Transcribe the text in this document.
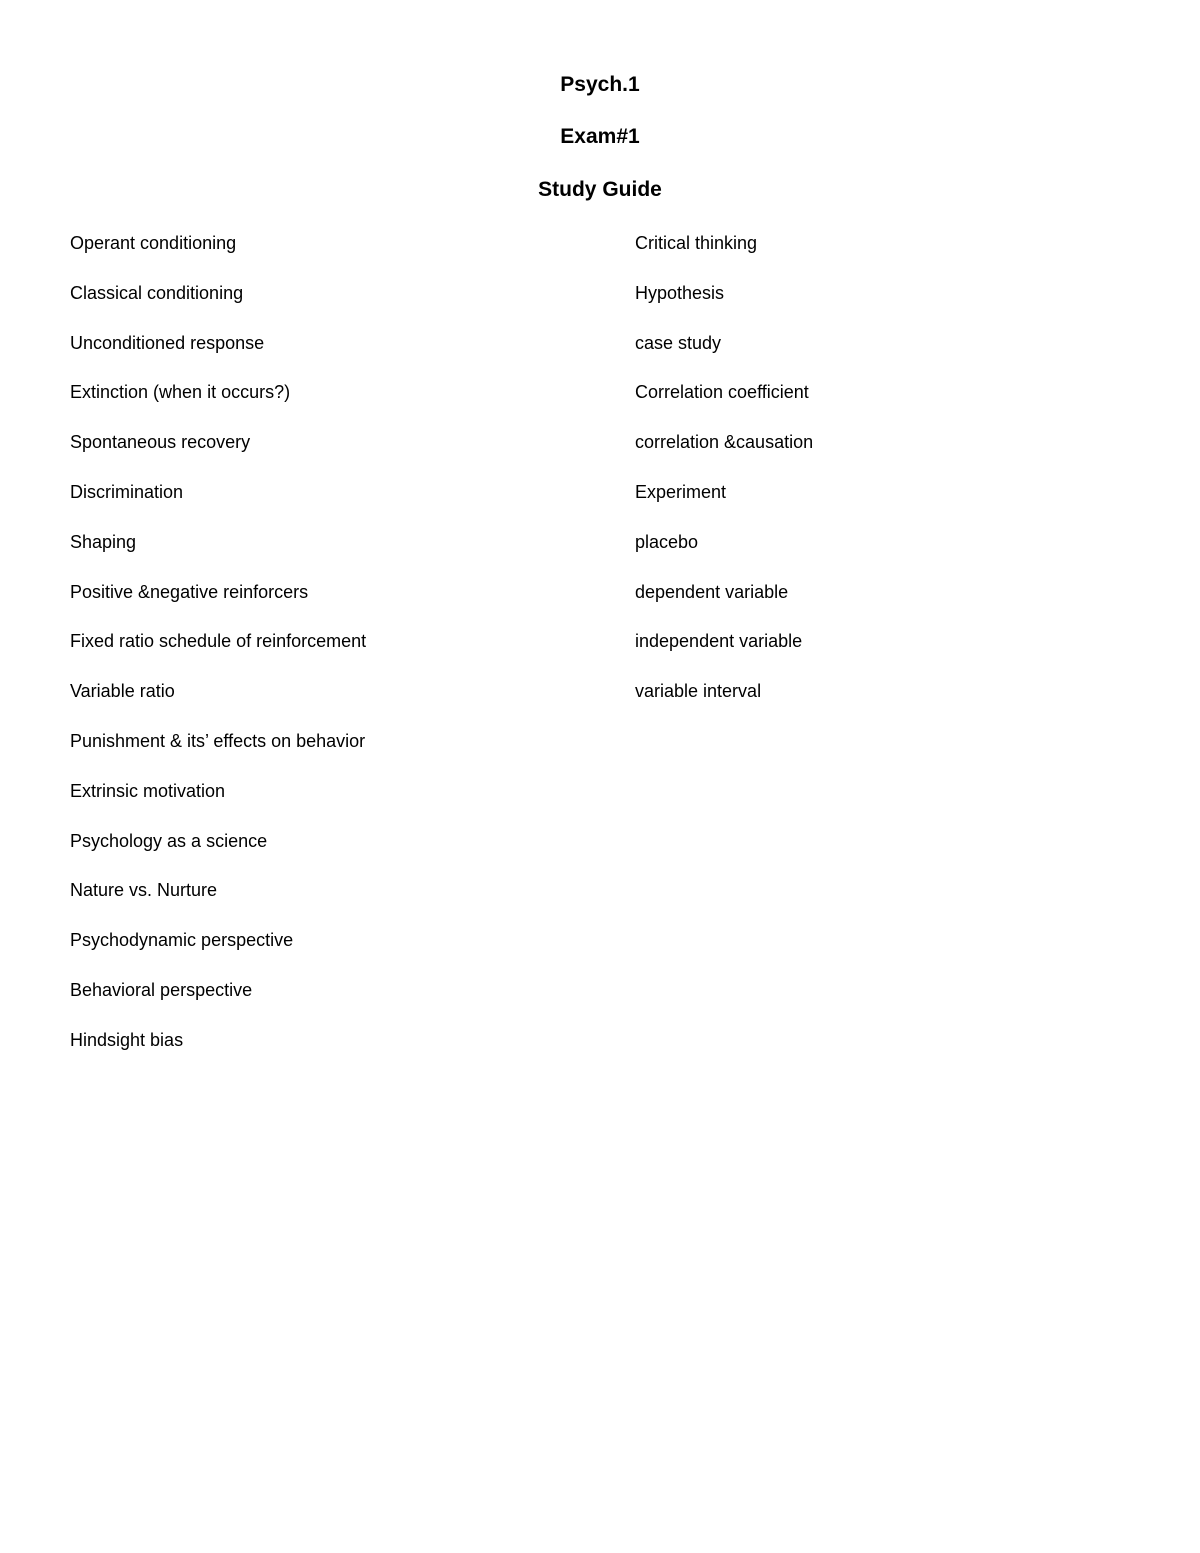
Psych.1
Exam#1
Study Guide
Operant conditioning
Classical conditioning
Unconditioned response
Extinction (when it occurs?)
Spontaneous recovery
Discrimination
Shaping
Positive &negative reinforcers
Fixed ratio schedule of reinforcement
Variable ratio
Punishment & its’ effects on behavior
Extrinsic motivation
Psychology as a science
Nature vs. Nurture
Psychodynamic perspective
Behavioral perspective
Hindsight bias
Critical thinking
Hypothesis
case study
Correlation coefficient
correlation &causation
Experiment
placebo
dependent variable
independent variable
variable interval
